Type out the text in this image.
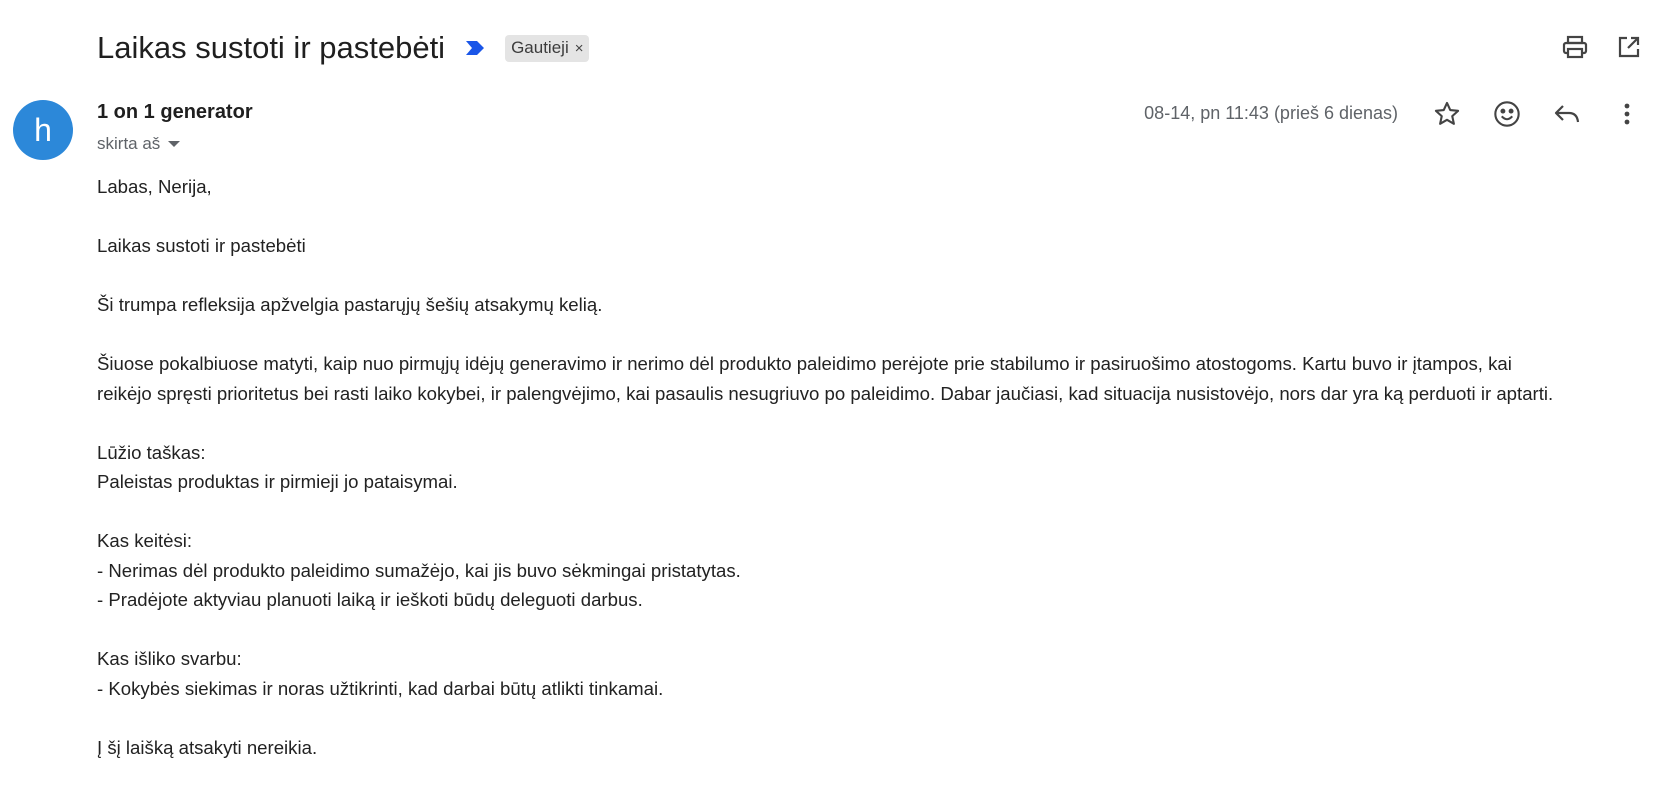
Laikas sustoti ir pastebėti	Gautieji ×
h	1 on 1 generator
skirta aš
08-14, pn 11:43 (prieš 6 dienas)

Labas, Nerija,

Laikas sustoti ir pastebėti

Ši trumpa refleksija apžvelgia pastarųjų šešių atsakymų kelią.

Šiuose pokalbiuose matyti, kaip nuo pirmųjų idėjų generavimo ir nerimo dėl produkto paleidimo perėjote prie stabilumo ir pasiruošimo atostogoms. Kartu buvo ir įtampos, kai

reikėjo spręsti prioritetus bei rasti laiko kokybei, ir palengvėjimo, kai pasaulis nesugriuvo po paleidimo. Dabar jaučiasi, kad situacija nusistovėjo, nors dar yra ką perduoti ir aptarti.

Lūžio taškas:

Paleistas produktas ir pirmieji jo pataisymai.

Kas keitėsi:

- Nerimas dėl produkto paleidimo sumažėjo, kai jis buvo sėkmingai pristatytas.

- Pradėjote aktyviau planuoti laiką ir ieškoti būdų deleguoti darbus.

Kas išliko svarbu:

- Kokybės siekimas ir noras užtikrinti, kad darbai būtų atlikti tinkamai.

Į šį laišką atsakyti nereikia.
